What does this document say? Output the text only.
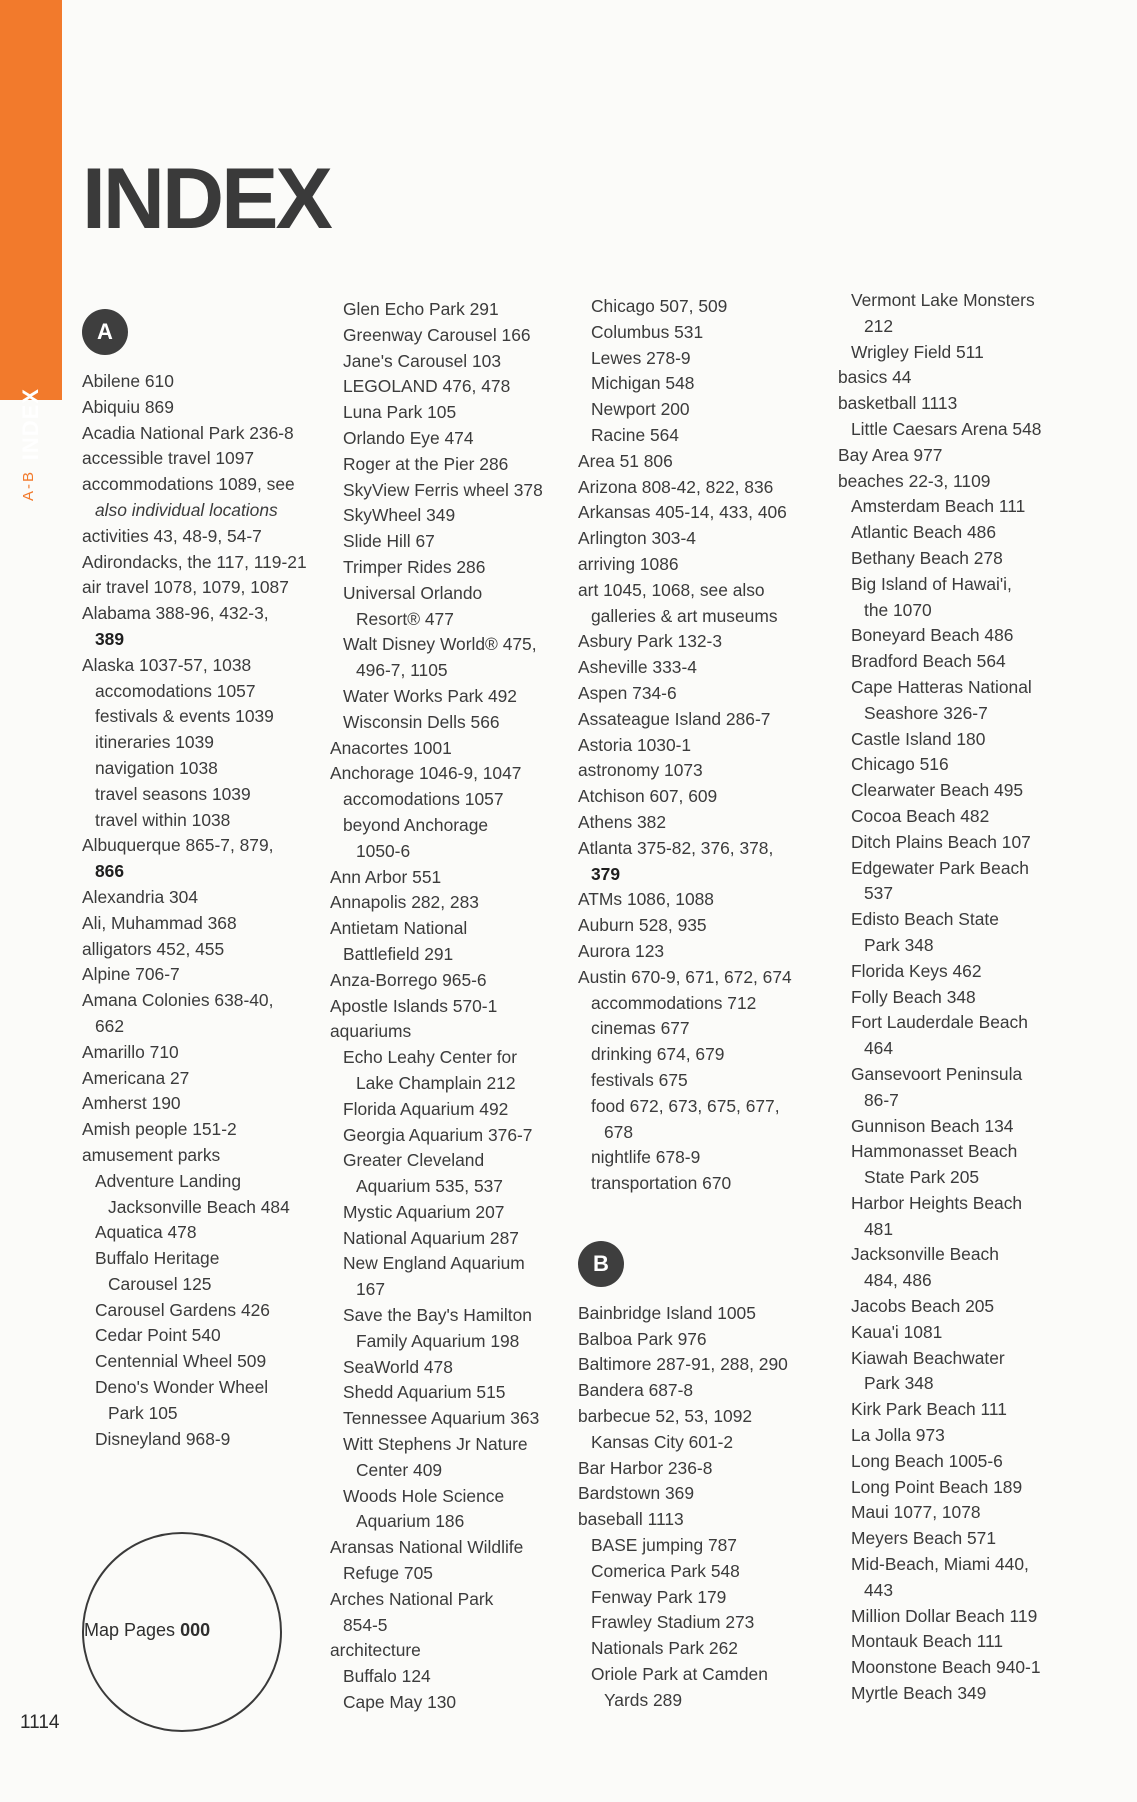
INDEX
A-B
INDEX
A
Abilene 610
Abiquiu 869
Acadia National Park 236-8
accessible travel 1097
accommodations 1089, see
also individual locations
activities 43, 48-9, 54-7
Adirondacks, the 117, 119-21
air travel 1078, 1079, 1087
Alabama 388-96, 432-3,
389
Alaska 1037-57, 1038
accomodations 1057
festivals & events 1039
itineraries 1039
navigation 1038
travel seasons 1039
travel within 1038
Albuquerque 865-7, 879,
866
Alexandria 304
Ali, Muhammad 368
alligators 452, 455
Alpine 706-7
Amana Colonies 638-40,
662
Amarillo 710
Americana 27
Amherst 190
Amish people 151-2
amusement parks
Adventure Landing
Jacksonville Beach 484
Aquatica 478
Buffalo Heritage
Carousel 125
Carousel Gardens 426
Cedar Point 540
Centennial Wheel 509
Deno's Wonder Wheel
Park 105
Disneyland 968-9
Glen Echo Park 291
Greenway Carousel 166
Jane's Carousel 103
LEGOLAND 476, 478
Luna Park 105
Orlando Eye 474
Roger at the Pier 286
SkyView Ferris wheel 378
SkyWheel 349
Slide Hill 67
Trimper Rides 286
Universal Orlando
Resort® 477
Walt Disney World® 475,
496-7, 1105
Water Works Park 492
Wisconsin Dells 566
Anacortes 1001
Anchorage 1046-9, 1047
accomodations 1057
beyond Anchorage
1050-6
Ann Arbor 551
Annapolis 282, 283
Antietam National
Battlefield 291
Anza-Borrego 965-6
Apostle Islands 570-1
aquariums
Echo Leahy Center for
Lake Champlain 212
Florida Aquarium 492
Georgia Aquarium 376-7
Greater Cleveland
Aquarium 535, 537
Mystic Aquarium 207
National Aquarium 287
New England Aquarium
167
Save the Bay's Hamilton
Family Aquarium 198
SeaWorld 478
Shedd Aquarium 515
Tennessee Aquarium 363
Witt Stephens Jr Nature
Center 409
Woods Hole Science
Aquarium 186
Aransas National Wildlife
Refuge 705
Arches National Park
854-5
architecture
Buffalo 124
Cape May 130
Chicago 507, 509
Columbus 531
Lewes 278-9
Michigan 548
Newport 200
Racine 564
Area 51 806
Arizona 808-42, 822, 836
Arkansas 405-14, 433, 406
Arlington 303-4
arriving 1086
art 1045, 1068, see also
galleries & art museums
Asbury Park 132-3
Asheville 333-4
Aspen 734-6
Assateague Island 286-7
Astoria 1030-1
astronomy 1073
Atchison 607, 609
Athens 382
Atlanta 375-82, 376, 378,
379
ATMs 1086, 1088
Auburn 528, 935
Aurora 123
Austin 670-9, 671, 672, 674
accommodations 712
cinemas 677
drinking 674, 679
festivals 675
food 672, 673, 675, 677,
678
nightlife 678-9
transportation 670
B
Bainbridge Island 1005
Balboa Park 976
Baltimore 287-91, 288, 290
Bandera 687-8
barbecue 52, 53, 1092
Kansas City 601-2
Bar Harbor 236-8
Bardstown 369
baseball 1113
BASE jumping 787
Comerica Park 548
Fenway Park 179
Frawley Stadium 273
Nationals Park 262
Oriole Park at Camden
Yards 289
Vermont Lake Monsters
212
Wrigley Field 511
basics 44
basketball 1113
Little Caesars Arena 548
Bay Area 977
beaches 22-3, 1109
Amsterdam Beach 111
Atlantic Beach 486
Bethany Beach 278
Big Island of Hawai'i,
the 1070
Boneyard Beach 486
Bradford Beach 564
Cape Hatteras National
Seashore 326-7
Castle Island 180
Chicago 516
Clearwater Beach 495
Cocoa Beach 482
Ditch Plains Beach 107
Edgewater Park Beach
537
Edisto Beach State
Park 348
Florida Keys 462
Folly Beach 348
Fort Lauderdale Beach
464
Gansevoort Peninsula
86-7
Gunnison Beach 134
Hammonasset Beach
State Park 205
Harbor Heights Beach
481
Jacksonville Beach
484, 486
Jacobs Beach 205
Kaua'i 1081
Kiawah Beachwater
Park 348
Kirk Park Beach 111
La Jolla 973
Long Beach 1005-6
Long Point Beach 189
Maui 1077, 1078
Meyers Beach 571
Mid-Beach, Miami 440,
443
Million Dollar Beach 119
Montauk Beach 111
Moonstone Beach 940-1
Myrtle Beach 349
Map Pages 000
1114
